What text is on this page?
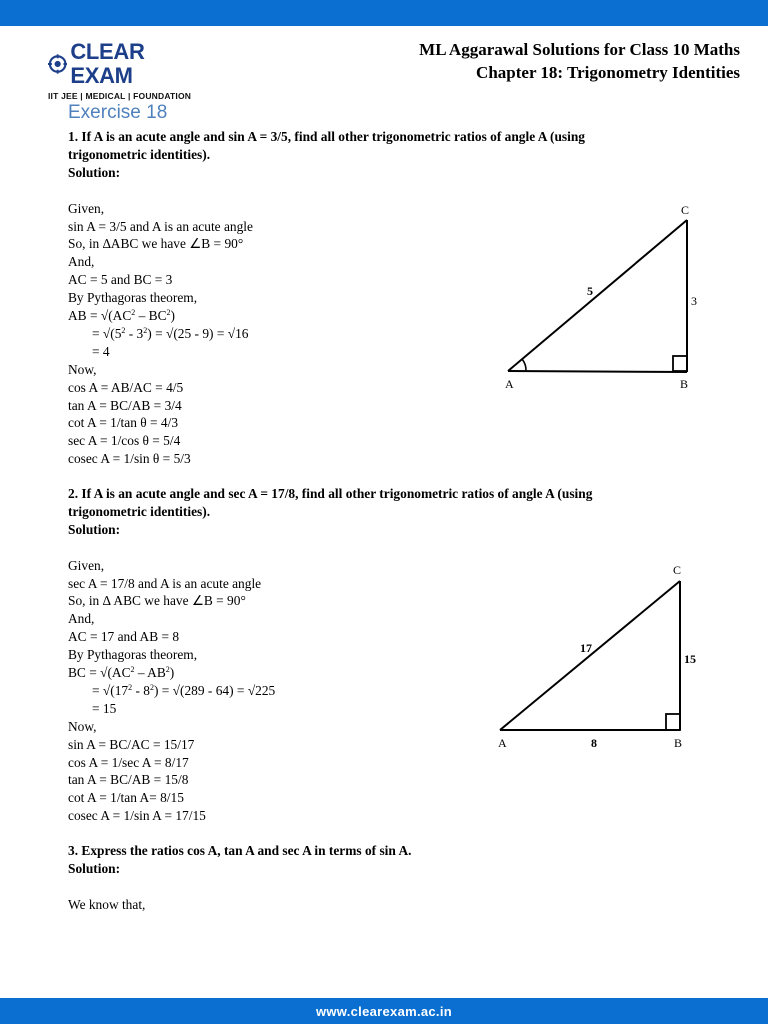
CLEAR EXAM
IIT JEE | MEDICAL | FOUNDATION
ML Aggarawal Solutions for Class 10 Maths
Chapter 18: Trigonometry Identities
Exercise 18
1. If A is an acute angle and sin A = 3/5, find all other trigonometric ratios of angle A (using
trigonometric identities).
Solution:
Given,
sin A = 3/5 and A is an acute angle
So, in ∆ABC we have ∠B = 90°
And,
AC = 5 and BC = 3
By Pythagoras theorem,
AB = $√(AC^2 - BC^2)$
= $√(5^2 - 3^2) = √(25 - 9) = √16$
= 4
Now,
cos A = AB/AC = 4/5
tan A = BC/AB = 3/4
cot A = 1/tan θ = 4/3
sec A = 1/cos θ = 5/4
cosec A = 1/sin θ = 5/3
A	B
C
5
3
2. If A is an acute angle and sec A = 17/8, find all other trigonometric ratios of angle A (using
trigonometric identities).
Solution:
Given,
sec A = 17/8 and A is an acute angle
So, in ∆ ABC we have ∠B = 90°
And,
AC = 17 and AB = 8
By Pythagoras theorem,
BC = $√(AC^2 - AB^2)$
= $√(17^2 - 8^2) = √(289 - 64) = √225$
= 15
Now,
sin A = BC/AC = 15/17
cos A = 1/sec A = 8/17
tan A = BC/AB = 15/8
cot A = 1/tan A= 8/15
cosec A = 1/sin A = 17/15
A	B
C
17
15
8
3. Express the ratios cos A, tan A and sec A in terms of sin A.
Solution:
We know that,
www.clearexam.ac.in
